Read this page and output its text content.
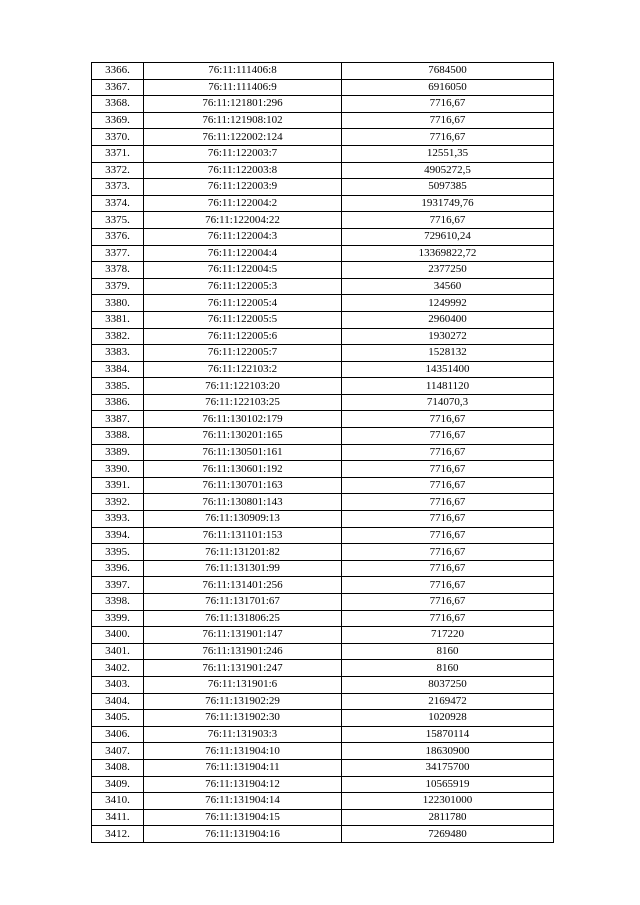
3366.	76:11:111406:8	7684500
3367.	76:11:111406:9	6916050
3368.	76:11:121801:296	7716,67
3369.	76:11:121908:102	7716,67
3370.	76:11:122002:124	7716,67
3371.	76:11:122003:7	12551,35
3372.	76:11:122003:8	4905272,5
3373.	76:11:122003:9	5097385
3374.	76:11:122004:2	1931749,76
3375.	76:11:122004:22	7716,67
3376.	76:11:122004:3	729610,24
3377.	76:11:122004:4	13369822,72
3378.	76:11:122004:5	2377250
3379.	76:11:122005:3	34560
3380.	76:11:122005:4	1249992
3381.	76:11:122005:5	2960400
3382.	76:11:122005:6	1930272
3383.	76:11:122005:7	1528132
3384.	76:11:122103:2	14351400
3385.	76:11:122103:20	11481120
3386.	76:11:122103:25	714070,3
3387.	76:11:130102:179	7716,67
3388.	76:11:130201:165	7716,67
3389.	76:11:130501:161	7716,67
3390.	76:11:130601:192	7716,67
3391.	76:11:130701:163	7716,67
3392.	76:11:130801:143	7716,67
3393.	76:11:130909:13	7716,67
3394.	76:11:131101:153	7716,67
3395.	76:11:131201:82	7716,67
3396.	76:11:131301:99	7716,67
3397.	76:11:131401:256	7716,67
3398.	76:11:131701:67	7716,67
3399.	76:11:131806:25	7716,67
3400.	76:11:131901:147	717220
3401.	76:11:131901:246	8160
3402.	76:11:131901:247	8160
3403.	76:11:131901:6	8037250
3404.	76:11:131902:29	2169472
3405.	76:11:131902:30	1020928
3406.	76:11:131903:3	15870114
3407.	76:11:131904:10	18630900
3408.	76:11:131904:11	34175700
3409.	76:11:131904:12	10565919
3410.	76:11:131904:14	122301000
3411.	76:11:131904:15	2811780
3412.	76:11:131904:16	7269480
